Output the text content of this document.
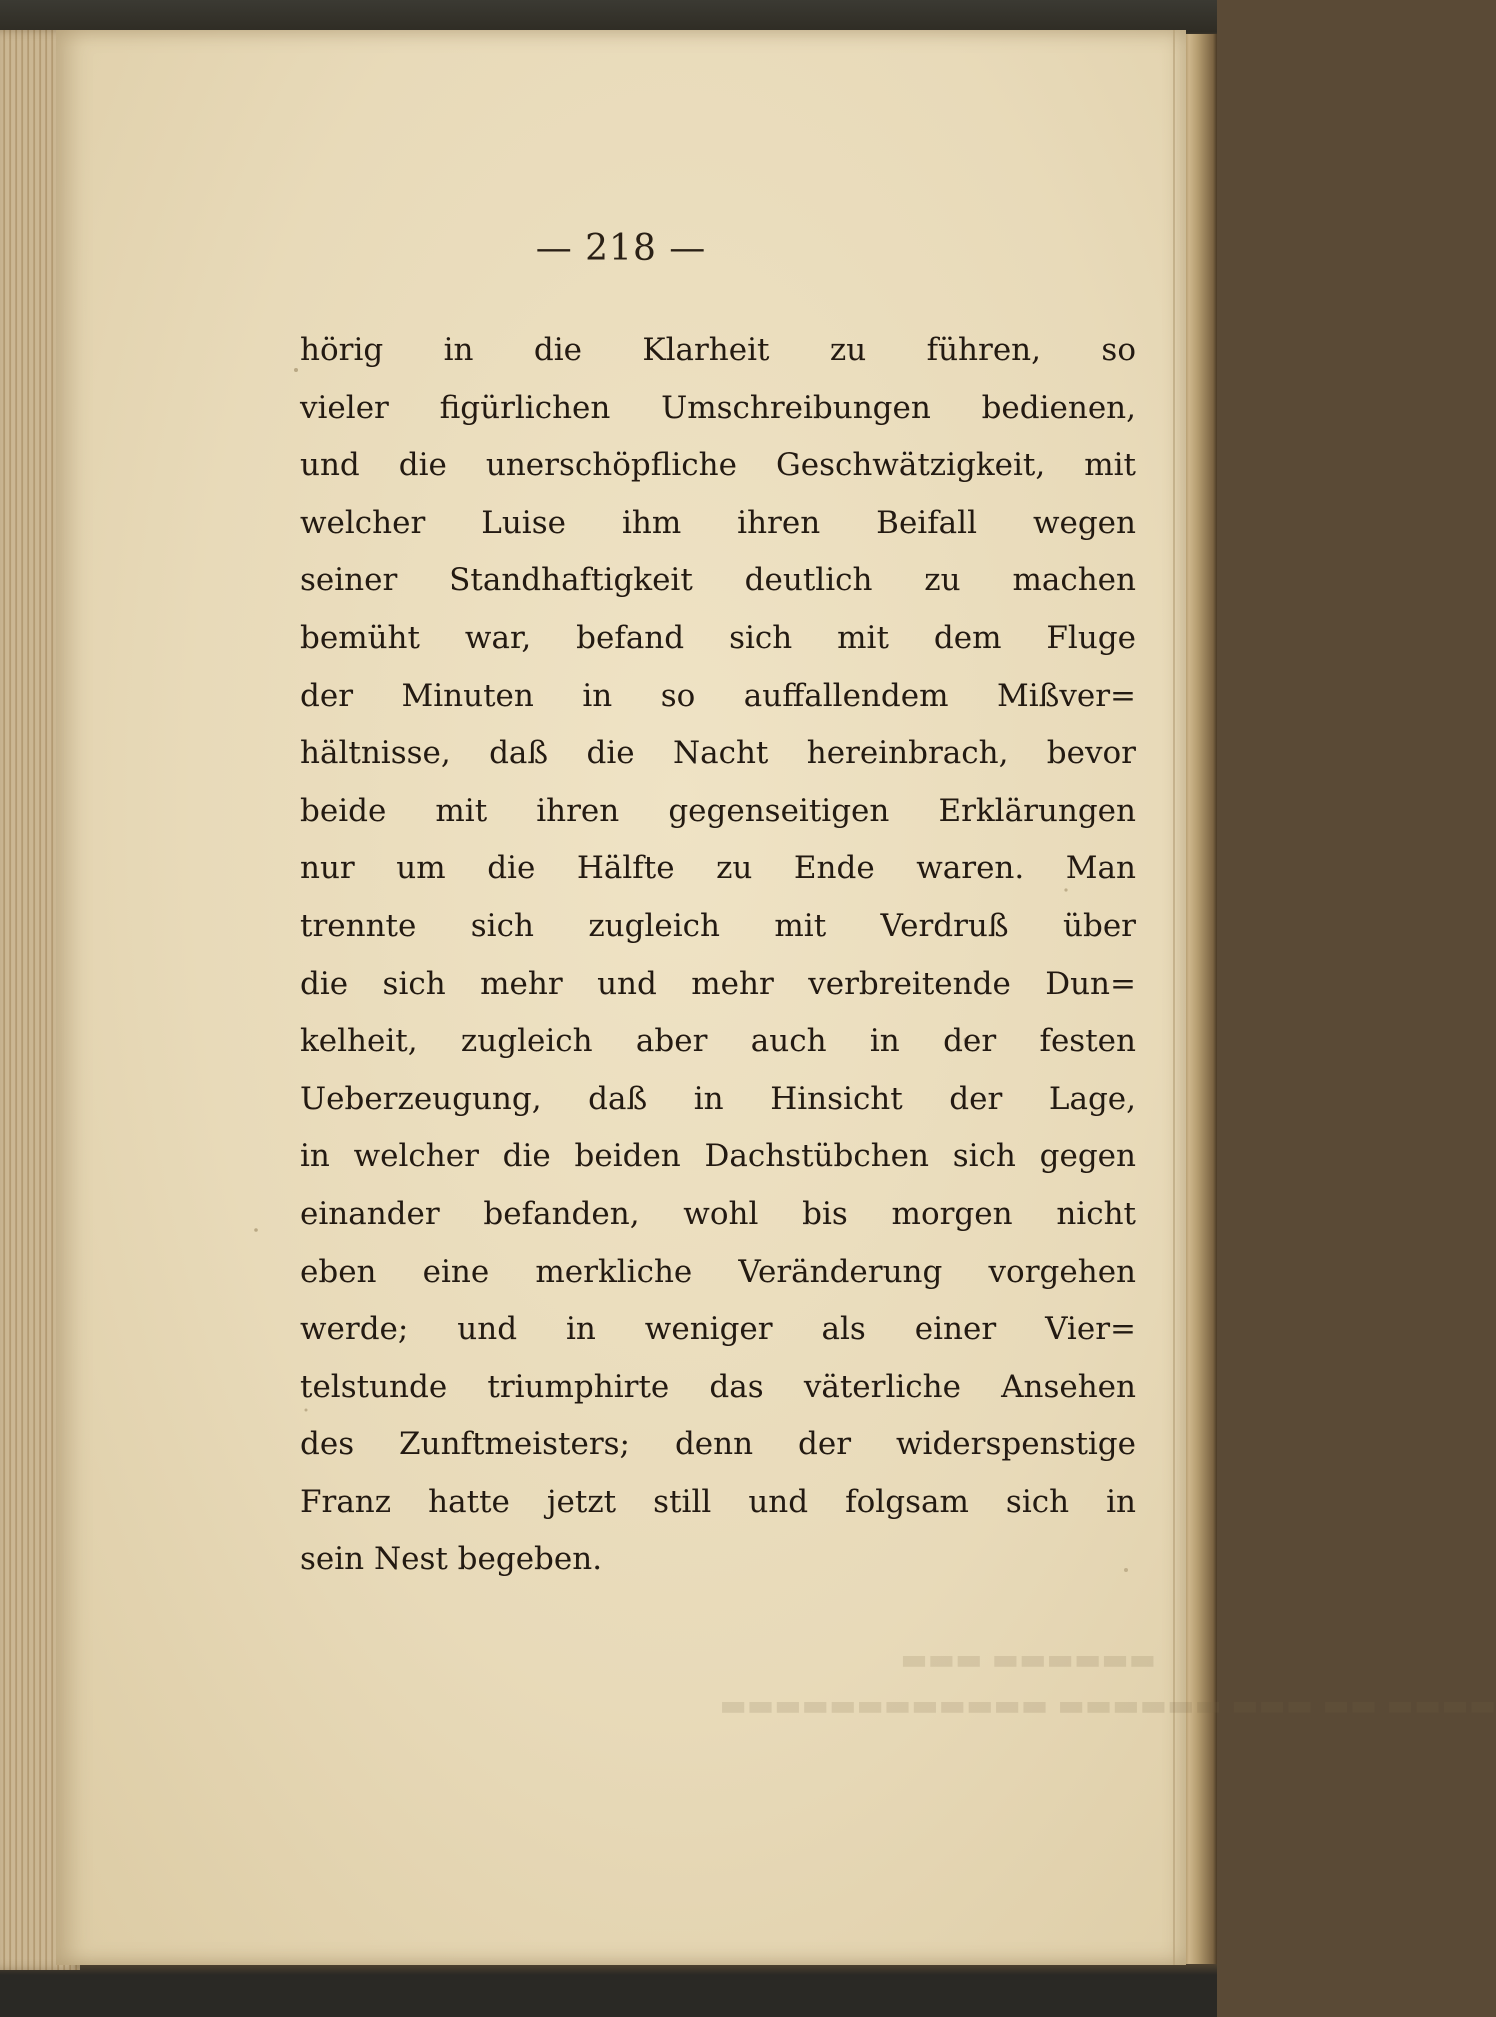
— 218 —
hörig in die Klarheit zu führen, so
vieler figürlichen Umschreibungen bedienen,
und die unerschöpfliche Geschwätzigkeit, mit
welcher Luise ihm ihren Beifall wegen
seiner Standhaftigkeit deutlich zu machen
bemüht war, befand sich mit dem Fluge
der Minuten in so auffallendem Mißver=
hältnisse, daß die Nacht hereinbrach, bevor
beide mit ihren gegenseitigen Erklärungen
nur um die Hälfte zu Ende waren. Man
trennte sich zugleich mit Verdruß über
die sich mehr und mehr verbreitende Dun=
kelheit, zugleich aber auch in der festen
Ueberzeugung, daß in Hinsicht der Lage,
in welcher die beiden Dachstübchen sich gegen
einander befanden, wohl bis morgen nicht
eben eine merkliche Veränderung vorgehen
werde; und in weniger als einer Vier=
telstunde triumphirte das väterliche Ansehen
des Zunftmeisters; denn der widerspenstige
Franz hatte jetzt still und folgsam sich in
sein Nest begeben.
▬▬▬▬▬▬ ▬▬▬
▬▬▬▬ ▬▬ ▬▬▬ ▬▬▬▬▬▬ ▬▬▬▬▬▬▬▬▬▬▬▬
